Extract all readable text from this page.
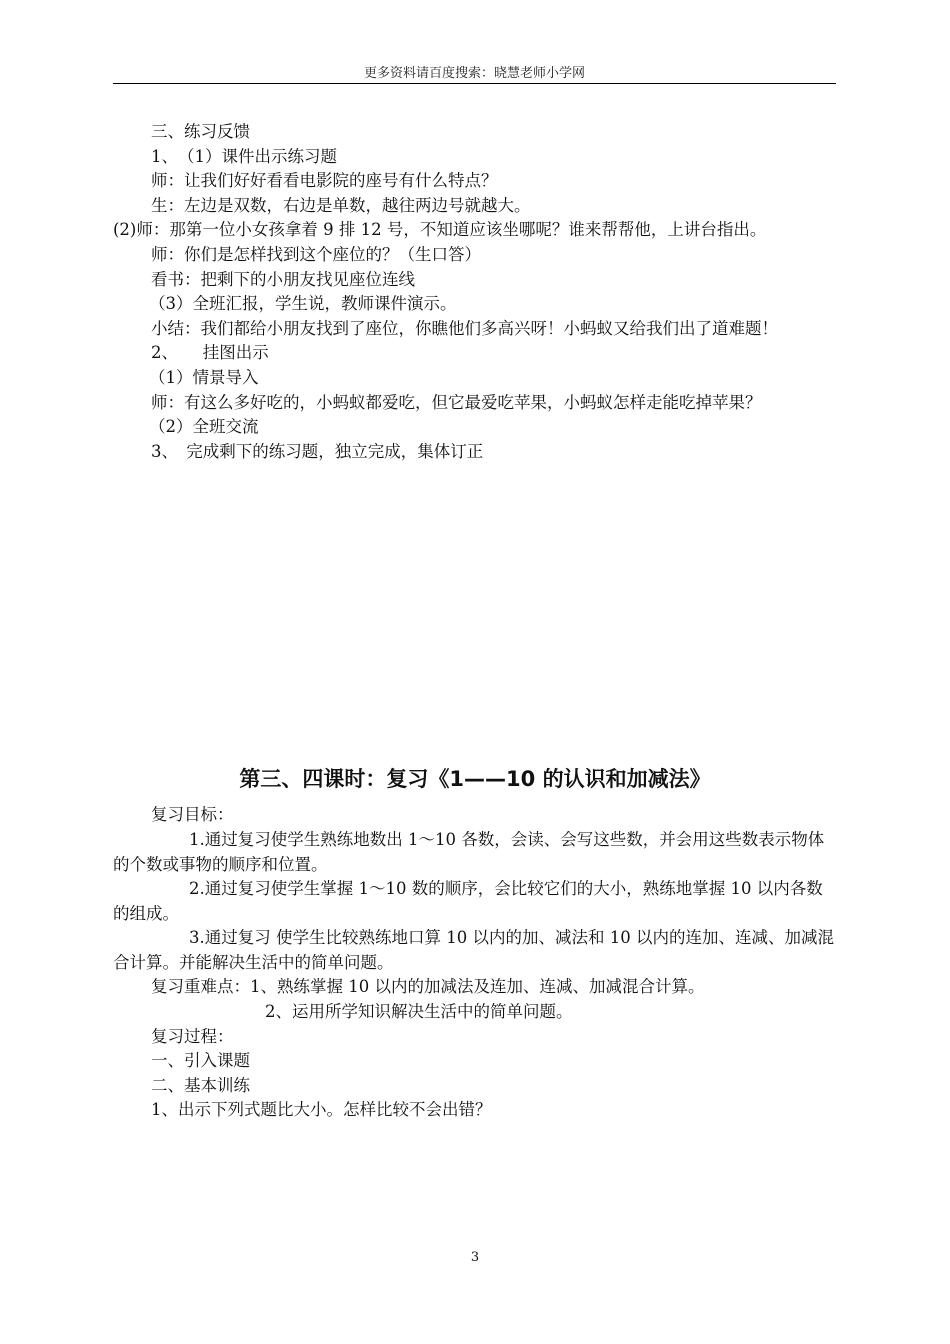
更多资料请百度搜索：晓慧老师小学网

三、练习反馈

1、　（1）课件出示练习题

师：让我们好好看看电影院的座号有什么特点？

生：左边是双数，右边是单数，越往两边号就越大。

(2)师：那第一位小女孩拿着 9 排 12 号，不知道应该坐哪呢？谁来帮帮他，上讲台指出。

师：你们是怎样找到这个座位的？（生口答）

看书：把剩下的小朋友找见座位连线

（3）全班汇报，学生说，教师课件演示。

小结：我们都给小朋友找到了座位，你瞧他们多高兴呀！小蚂蚁又给我们出了道难题！

2、　　挂图出示

（1）情景导入

师：有这么多好吃的，小蚂蚁都爱吃，但它最爱吃苹果，小蚂蚁怎样走能吃掉苹果？

（2）全班交流

3、　完成剩下的练习题，独立完成，集体订正

第三、四课时：复习《1——10 的认识和加减法》

复习目标：

1.通过复习使学生熟练地数出 1～10 各数，会读、会写这些数，并会用这些数表示物体的个数或事物的顺序和位置。

2.通过复习使学生掌握 1～10 数的顺序，会比较它们的大小，熟练地掌握 10 以内各数的组成。

3.通过复习 使学生比较熟练地口算 10 以内的加、减法和 10 以内的连加、连减、加减混合计算。并能解决生活中的简单问题。

复习重难点：1、熟练掌握 10 以内的加减法及连加、连减、加减混合计算。

2、运用所学知识解决生活中的简单问题。

复习过程：

一、引入课题

二、基本训练

1、出示下列式题比大小。怎样比较不会出错？

3
